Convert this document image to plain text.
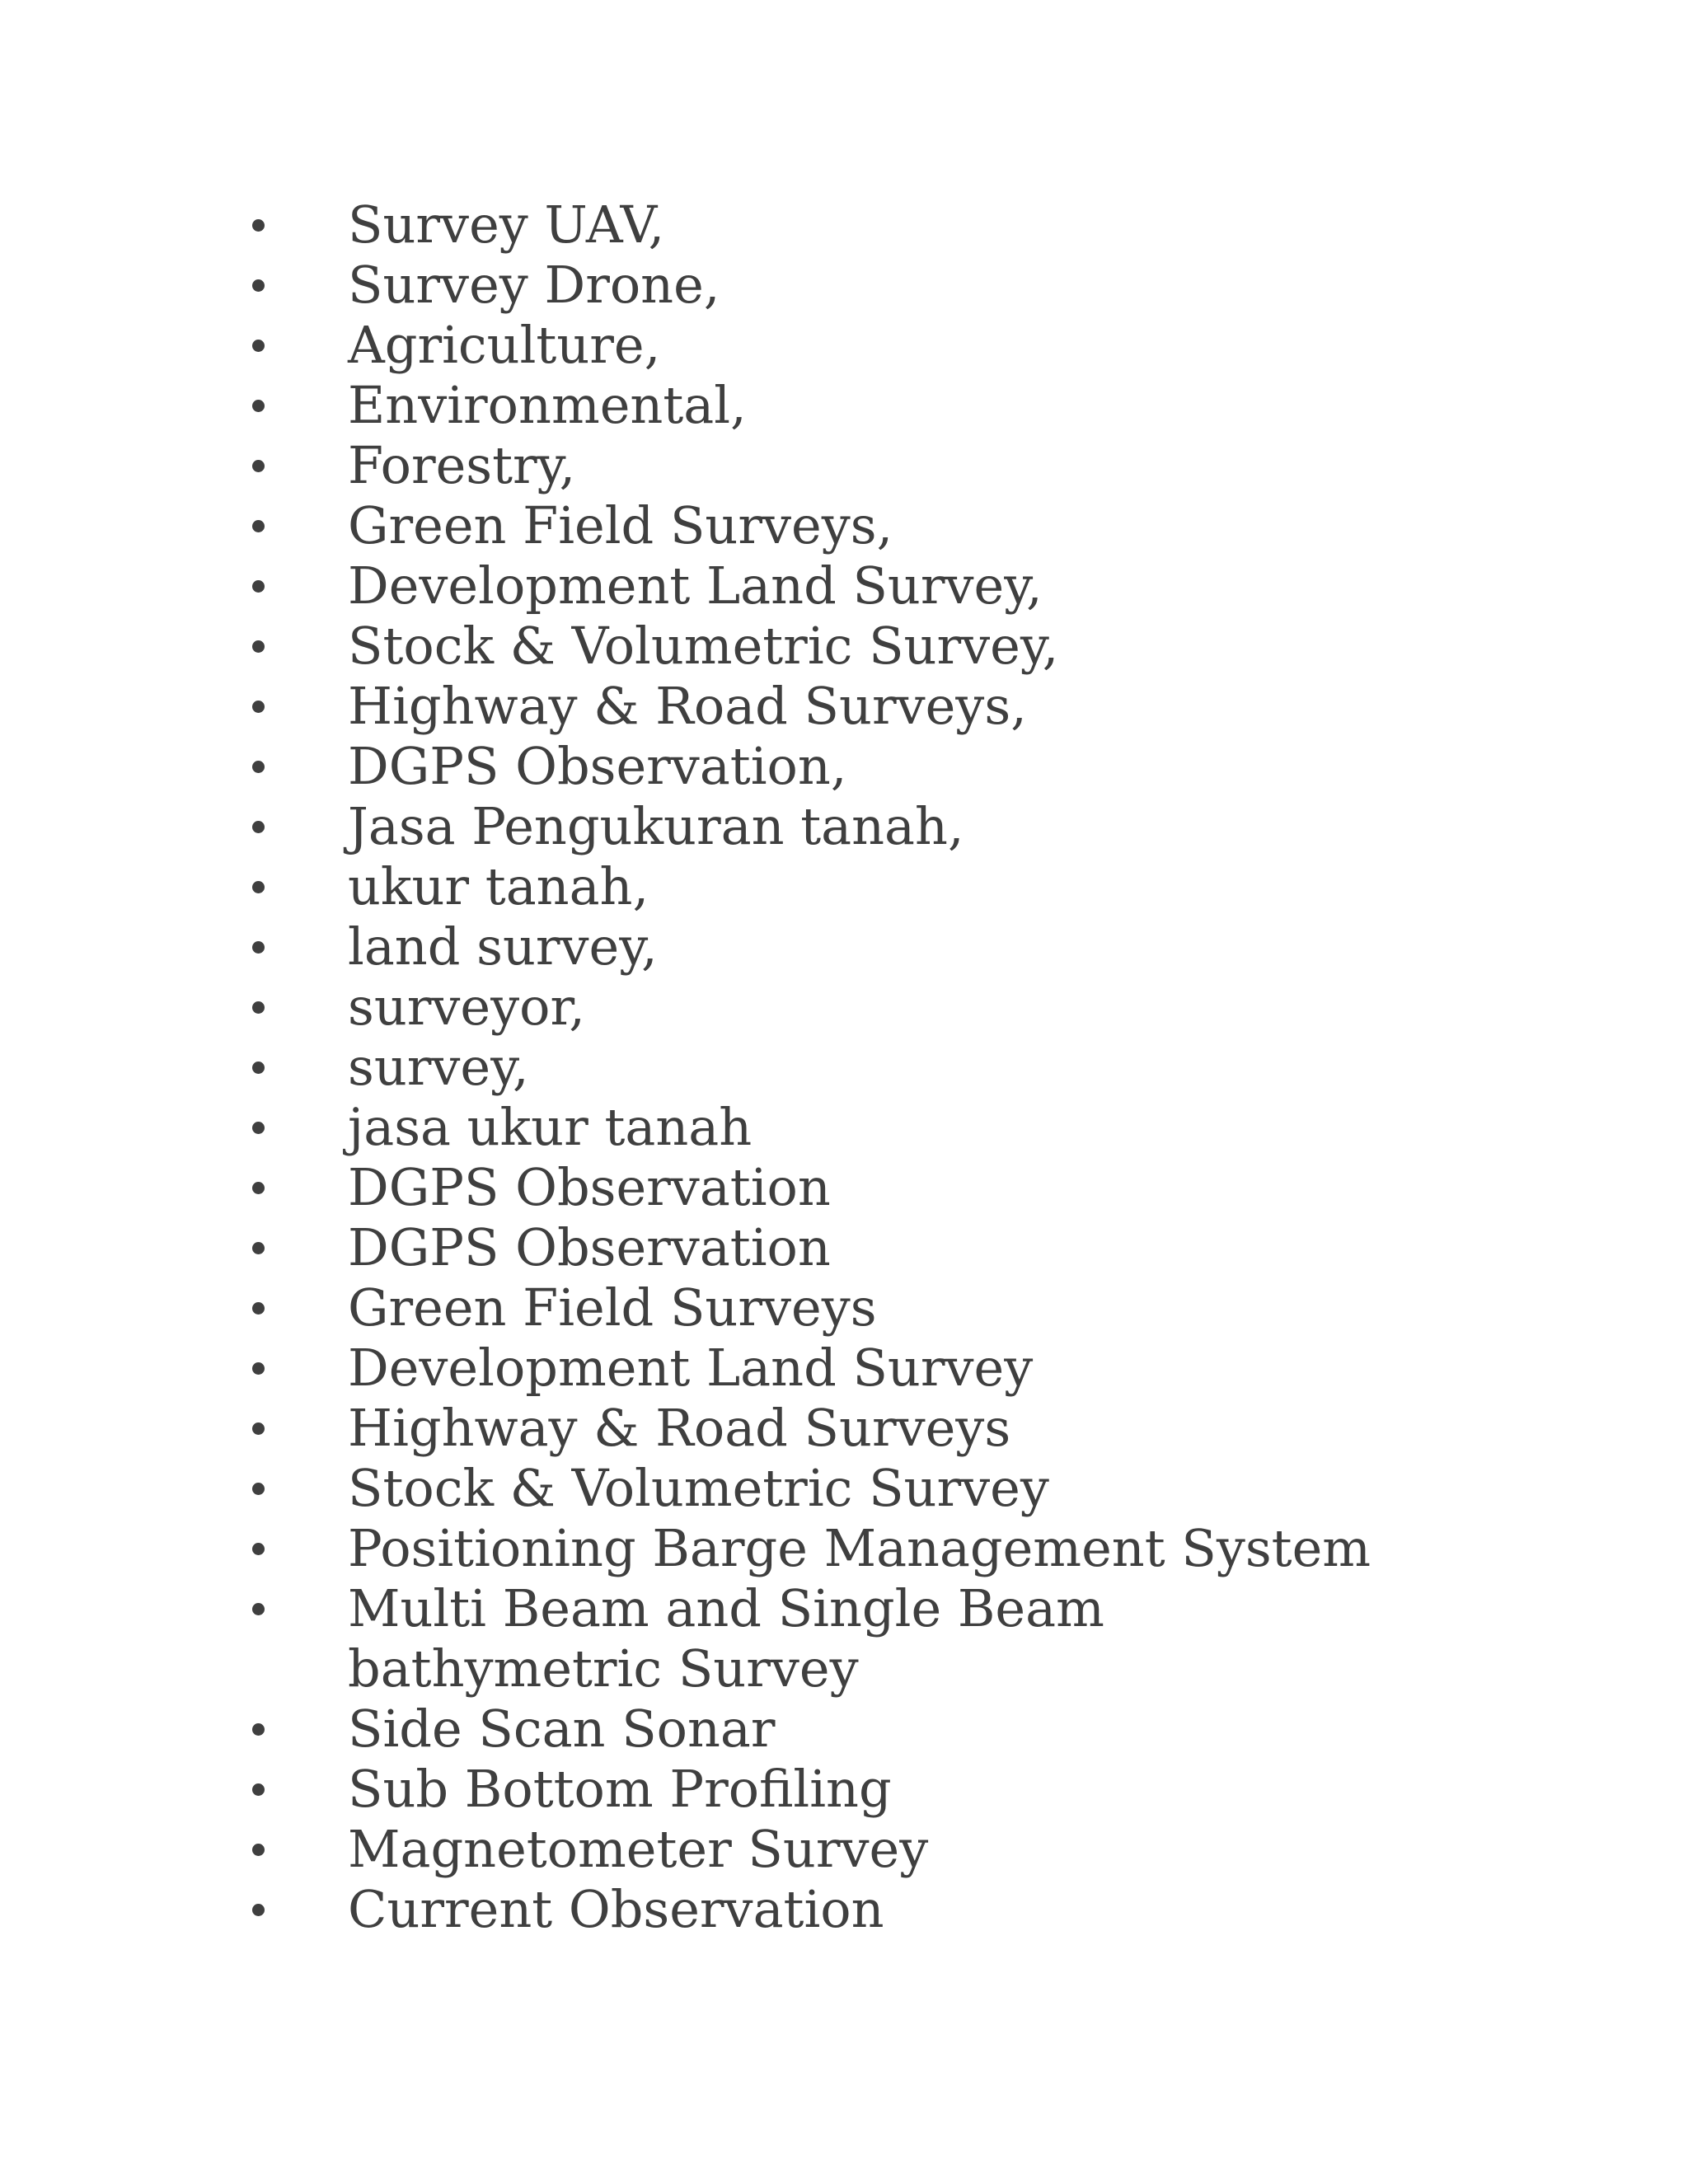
Survey UAV,
Survey Drone,
Agriculture,
Environmental,
Forestry,
Green Field Surveys,
Development Land Survey,
Stock & Volumetric Survey,
Highway & Road Surveys,
DGPS Observation,
Jasa Pengukuran tanah,
ukur tanah,
land survey,
surveyor,
survey,
jasa ukur tanah
DGPS Observation
DGPS Observation
Green Field Surveys
Development Land Survey
Highway & Road Surveys
Stock & Volumetric Survey
Positioning Barge Management System
Multi Beam and Single Beam bathymetric Survey
Side Scan Sonar
Sub Bottom Profiling
Magnetometer Survey
Current Observation
